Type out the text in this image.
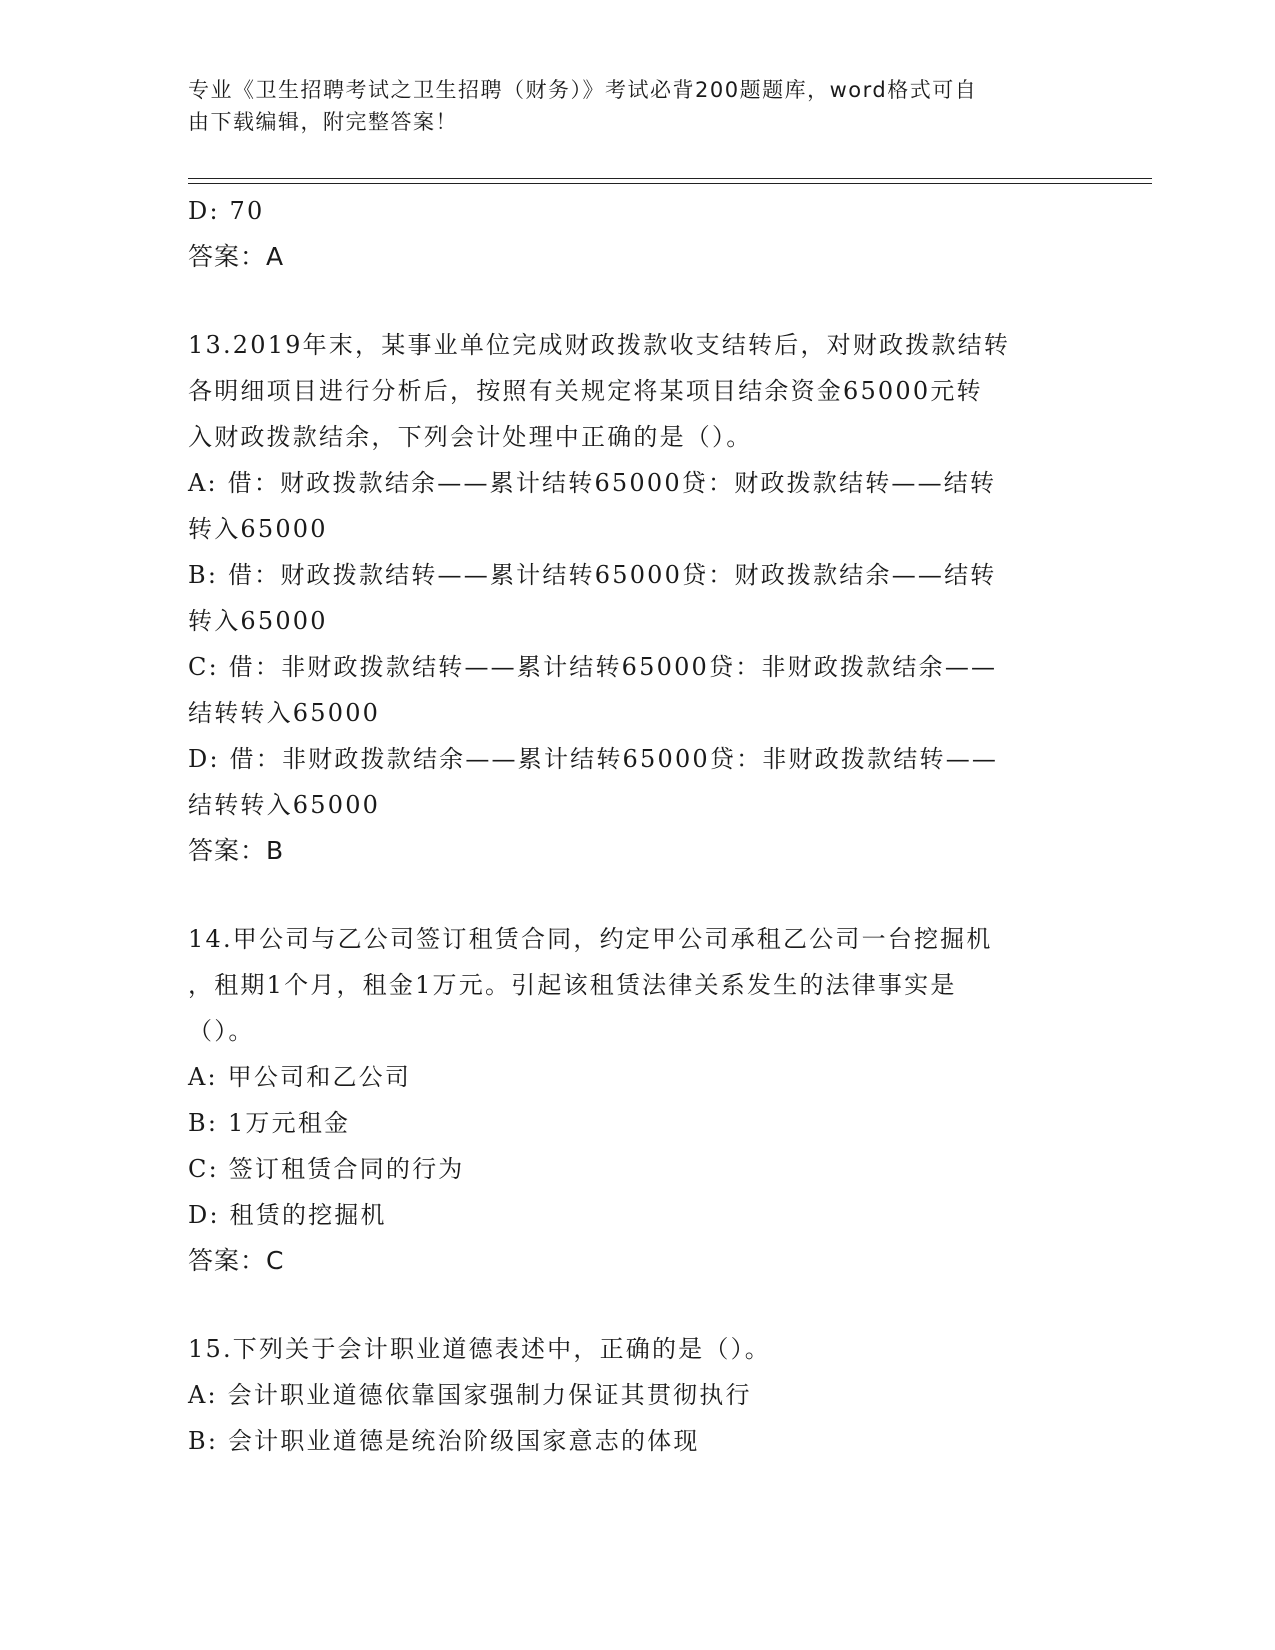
专业《卫生招聘考试之卫生招聘（财务）》考试必背200题题库，word格式可自
由下载编辑，附完整答案！
D: 70
答案：A
13.2019年末，某事业单位完成财政拨款收支结转后，对财政拨款结转
各明细项目进行分析后，按照有关规定将某项目结余资金65000元转
入财政拨款结余，下列会计处理中正确的是（）。
A: 借：财政拨款结余——累计结转65000贷：财政拨款结转——结转
转入65000
B: 借：财政拨款结转——累计结转65000贷：财政拨款结余——结转
转入65000
C: 借：非财政拨款结转——累计结转65000贷：非财政拨款结余——
结转转入65000
D: 借：非财政拨款结余——累计结转65000贷：非财政拨款结转——
结转转入65000
答案：B
14.甲公司与乙公司签订租赁合同，约定甲公司承租乙公司一台挖掘机
，租期1个月，租金1万元。引起该租赁法律关系发生的法律事实是
（）。
A: 甲公司和乙公司
B: 1万元租金
C: 签订租赁合同的行为
D: 租赁的挖掘机
答案：C
15.下列关于会计职业道德表述中，正确的是（）。
A: 会计职业道德依靠国家强制力保证其贯彻执行
B: 会计职业道德是统治阶级国家意志的体现
